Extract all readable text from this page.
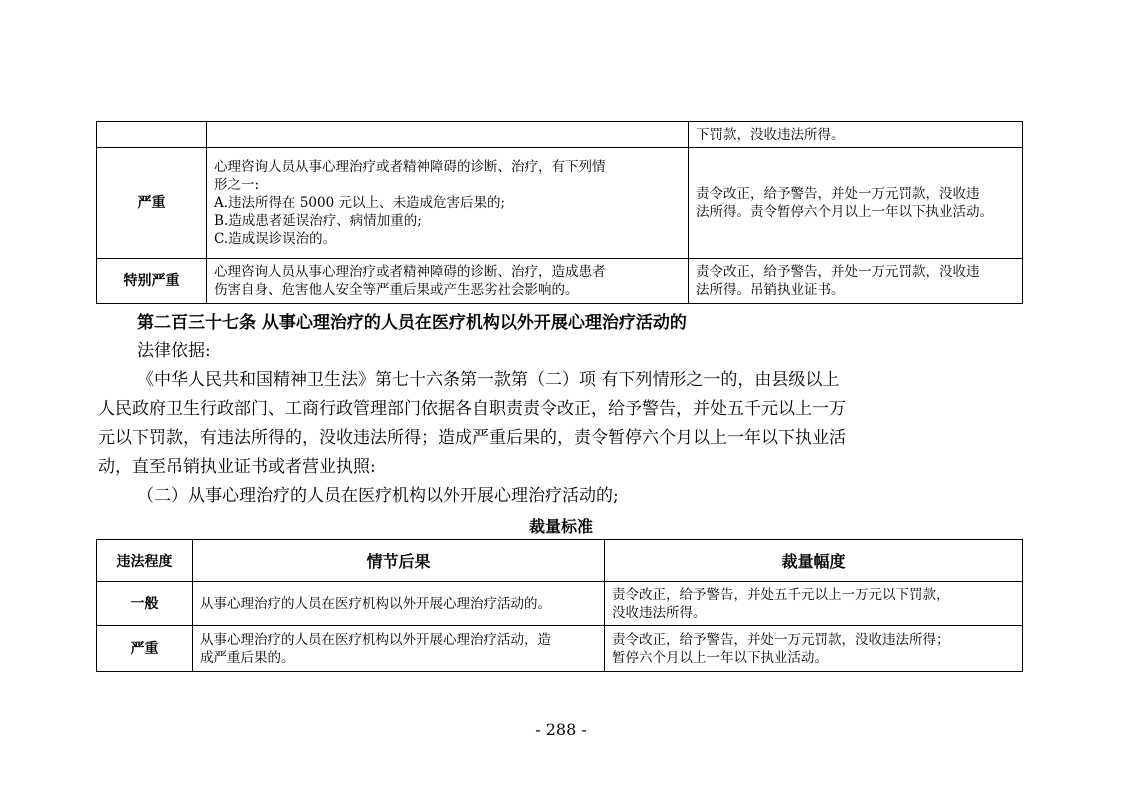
		下罚款，没收违法所得。

严重	心理咨询人员从事心理治疗或者精神障碍的诊断、治疗，有下列情
形之一:
A.违法所得在 5000 元以上、未造成危害后果的;
B.造成患者延误治疗、病情加重的;
C.造成误诊误治的。	责令改正，给予警告，并处一万元罚款，没收违
法所得。责令暂停六个月以上一年以下执业活动。

特别严重	心理咨询人员从事心理治疗或者精神障碍的诊断、治疗，造成患者
伤害自身、危害他人安全等严重后果或产生恶劣社会影响的。	责令改正，给予警告，并处一万元罚款，没收违
法所得。吊销执业证书。
第二百三十七条 从事心理治疗的人员在医疗机构以外开展心理治疗活动的
法律依据:
《中华人民共和国精神卫生法》第七十六条第一款第（二）项 有下列情形之一的，由县级以上
人民政府卫生行政部门、工商行政管理部门依据各自职责责令改正，给予警告，并处五千元以上一万
元以下罚款，有违法所得的，没收违法所得；造成严重后果的，责令暂停六个月以上一年以下执业活
动，直至吊销执业证书或者营业执照:
（二）从事心理治疗的人员在医疗机构以外开展心理治疗活动的;
裁量标准
违法程度	情节后果	裁量幅度
一般	从事心理治疗的人员在医疗机构以外开展心理治疗活动的。	责令改正，给予警告，并处五千元以上一万元以下罚款，
没收违法所得。

严重	从事心理治疗的人员在医疗机构以外开展心理治疗活动，造
成严重后果的。	责令改正，给予警告，并处一万元罚款，没收违法所得；
暂停六个月以上一年以下执业活动。
- 288 -
